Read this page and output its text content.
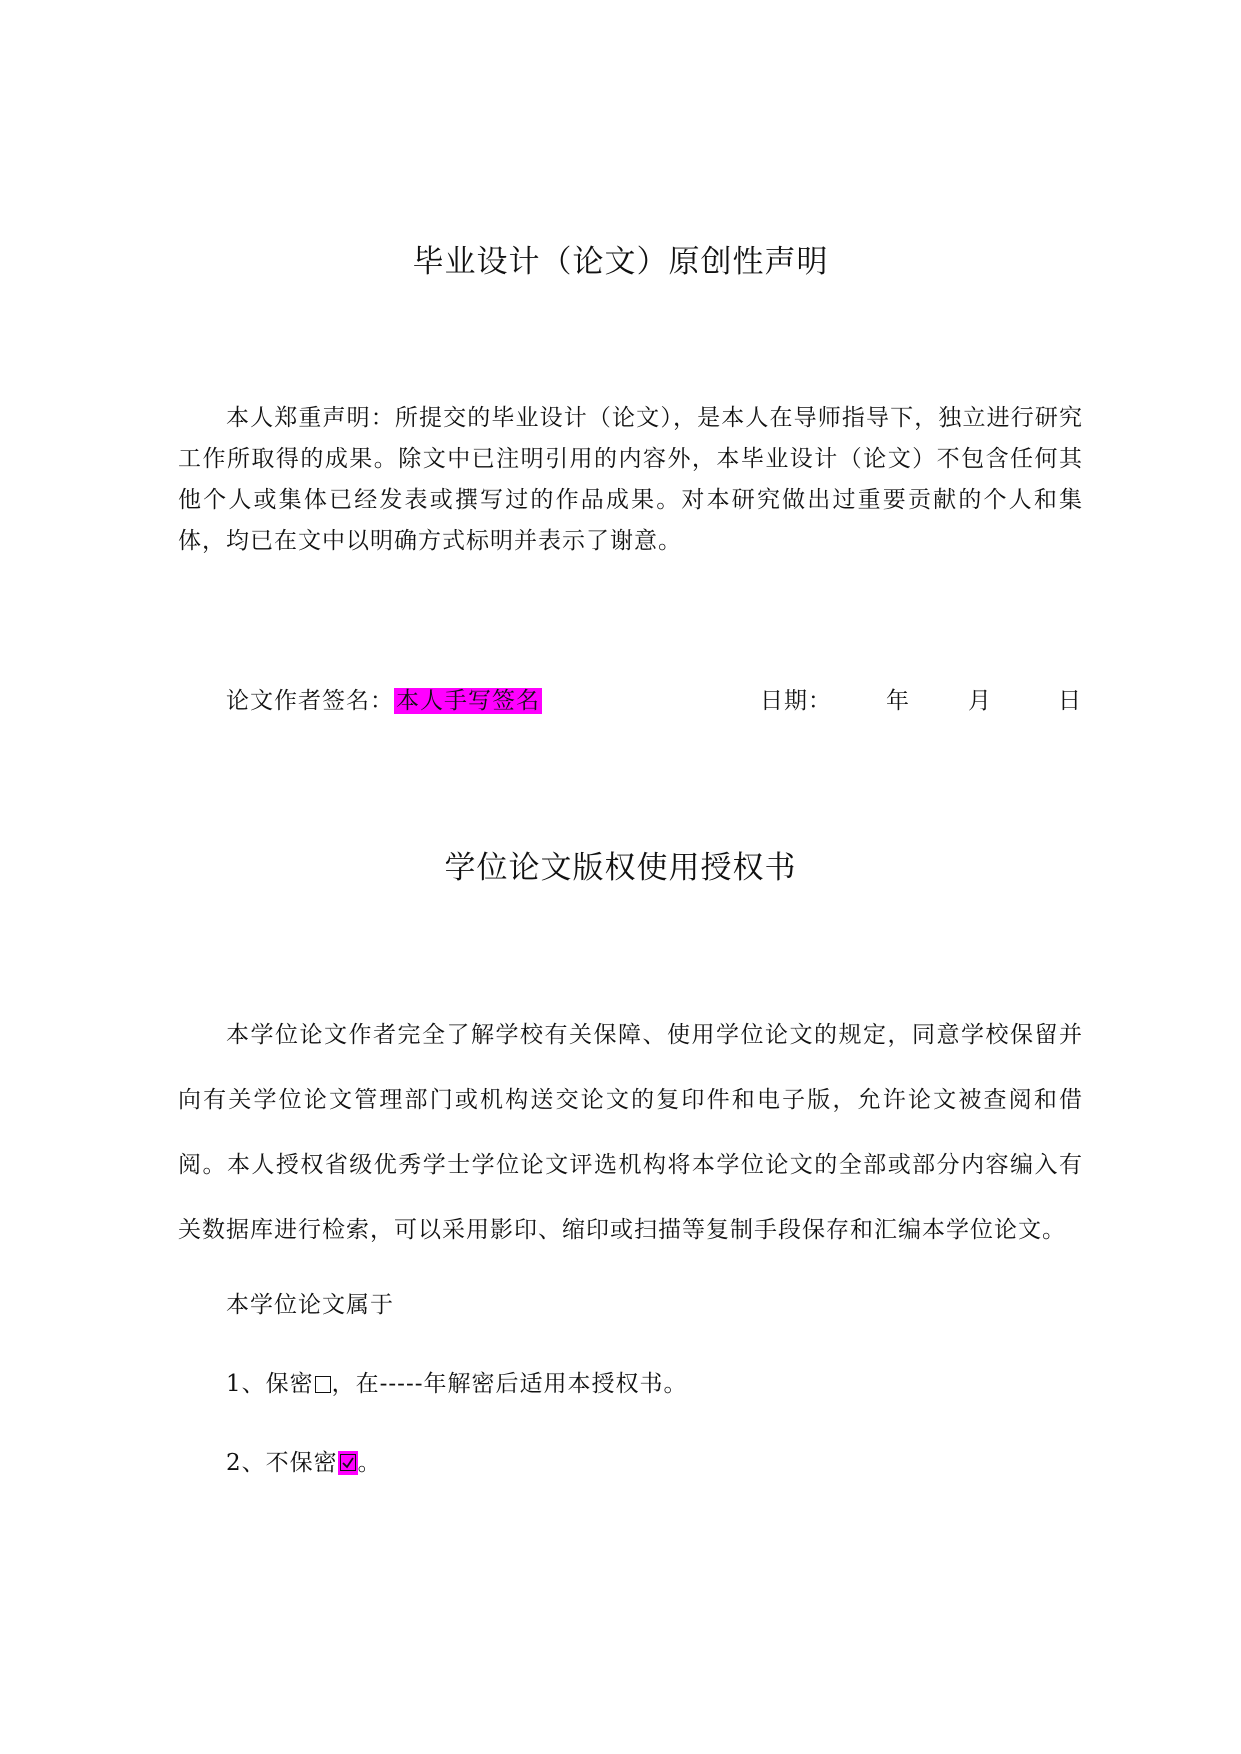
毕业设计（论文）原创性声明

本人郑重声明：所提交的毕业设计（论文），是本人在导师指导下，独立进行研究工作所取得的成果。除文中已注明引用的内容外，本毕业设计（论文）不包含任何其他个人或集体已经发表或撰写过的作品成果。对本研究做出过重要贡献的个人和集体，均已在文中以明确方式标明并表示了谢意。

论文作者签名：本人手写签名	日期： 年	月	日
学位论文版权使用授权书

本学位论文作者完全了解学校有关保障、使用学位论文的规定，同意学校保留并向有关学位论文管理部门或机构送交论文的复印件和电子版，允许论文被查阅和借阅。本人授权省级优秀学士学位论文评选机构将本学位论文的全部或部分内容编入有关数据库进行检索，可以采用影印、缩印或扫描等复制手段保存和汇编本学位论文。

本学位论文属于
1、保密 ，在-----年解密后适用本授权书。
2、不保密 。
